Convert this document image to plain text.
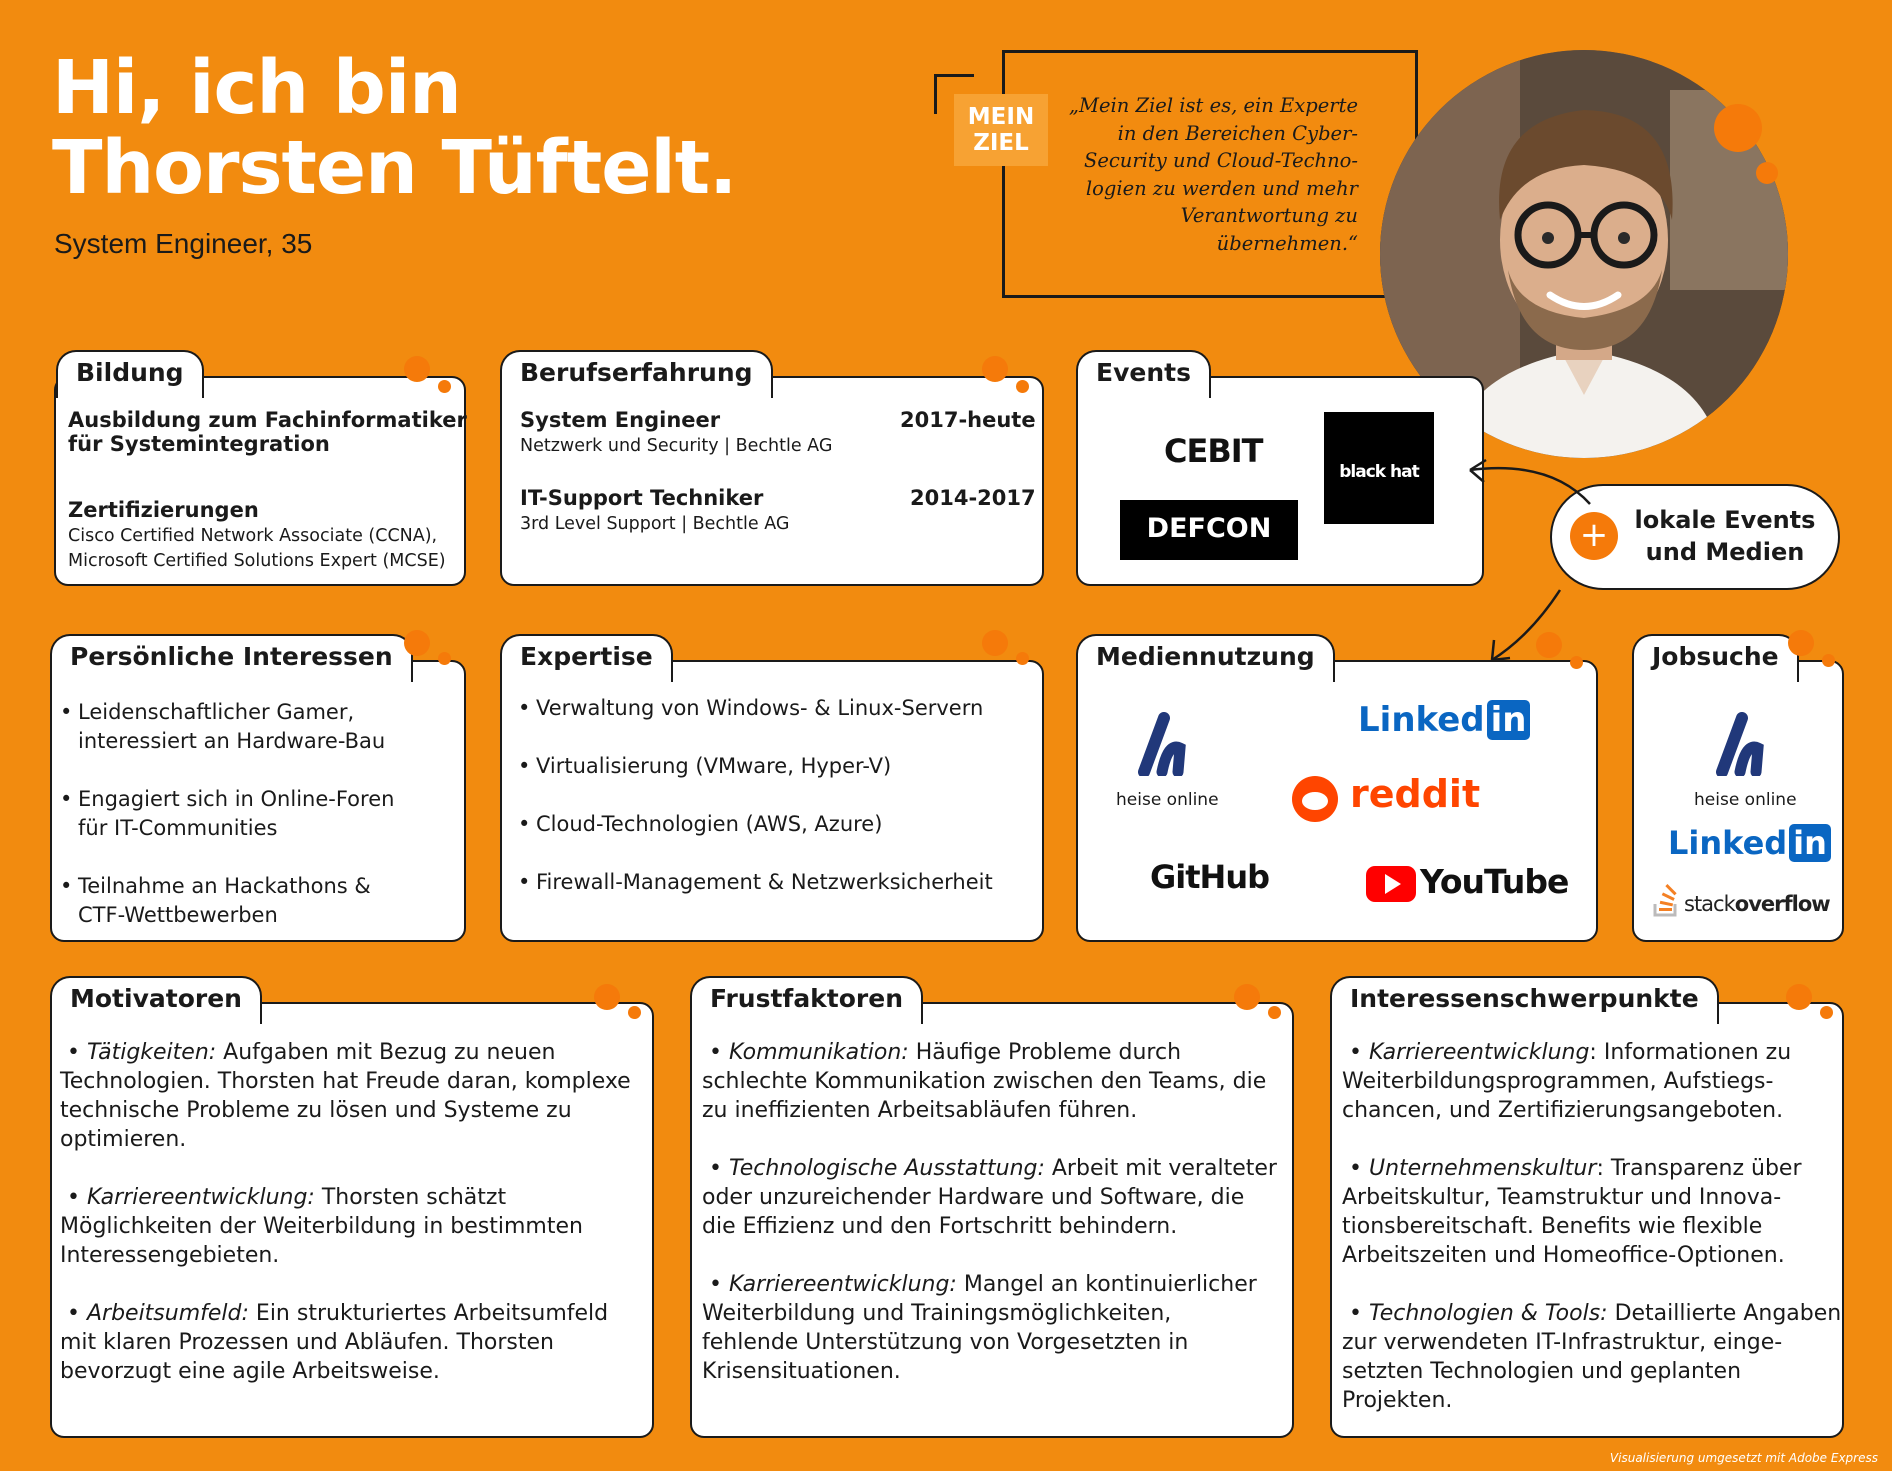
Hi, ich bin
Thorsten Tüftelt.
System Engineer, 35
MEIN
ZIEL
„Mein Ziel ist es, ein Experte
in den Bereichen Cyber-
Security und Cloud-Techno-
logien zu werden und mehr
Verantwortung zu
übernehmen.“
Bildung
Ausbildung zum Fachinformatiker
für Systemintegration
Zertifizierungen
Cisco Certified Network Associate (CCNA),
Microsoft Certified Solutions Expert (MCSE)
Berufserfahrung
System Engineer	2017-heute
Netzwerk und Security | Bechtle AG
IT-Support Techniker	2014-2017
3rd Level Support | Bechtle AG
Events
CEBIT
black hat
DEFCON	+	lokale Events
und Medien
Persönliche Interessen
• Leidenschaftlicher Gamer,
interessiert an Hardware-Bau
• Engagiert sich in Online-Foren
für IT-Communities
• Teilnahme an Hackathons &
CTF-Wettbewerben
Expertise
• Verwaltung von Windows- & Linux-Servern
• Virtualisierung (VMware, Hyper-V)
• Cloud-Technologien (AWS, Azure)
• Firewall-Management & Netzwerksicherheit
Mediennutzung
heise online
Linked in
reddit
GitHub	YouTube
Jobsuche
heise online
Linked in
stackoverflow
Motivatoren
• Tätigkeiten: Aufgaben mit Bezug zu neuen
Technologien. Thorsten hat Freude daran, komplexe
technische Probleme zu lösen und Systeme zu
optimieren.
• Karriereentwicklung: Thorsten schätzt
Möglichkeiten der Weiterbildung in bestimmten
Interessengebieten.
• Arbeitsumfeld: Ein strukturiertes Arbeitsumfeld
mit klaren Prozessen und Abläufen. Thorsten
bevorzugt eine agile Arbeitsweise.
Frustfaktoren
• Kommunikation: Häufige Probleme durch
schlechte Kommunikation zwischen den Teams, die
zu ineffizienten Arbeitsabläufen führen.
• Technologische Ausstattung: Arbeit mit veralteter
oder unzureichender Hardware und Software, die
die Effizienz und den Fortschritt behindern.
• Karriereentwicklung: Mangel an kontinuierlicher
Weiterbildung und Trainingsmöglichkeiten,
fehlende Unterstützung von Vorgesetzten in
Krisensituationen.
Interessenschwerpunkte
• Karriereentwicklung: Informationen zu
Weiterbildungsprogrammen, Aufstiegs-
chancen, und Zertifizierungsangeboten.
• Unternehmenskultur: Transparenz über
Arbeitskultur, Teamstruktur und Innova-
tionsbereitschaft. Benefits wie flexible
Arbeitszeiten und Homeoffice-Optionen.
• Technologien & Tools: Detaillierte Angaben
zur verwendeten IT-Infrastruktur, einge-
setzten Technologien und geplanten
Projekten.
Visualisierung umgesetzt mit Adobe Express
